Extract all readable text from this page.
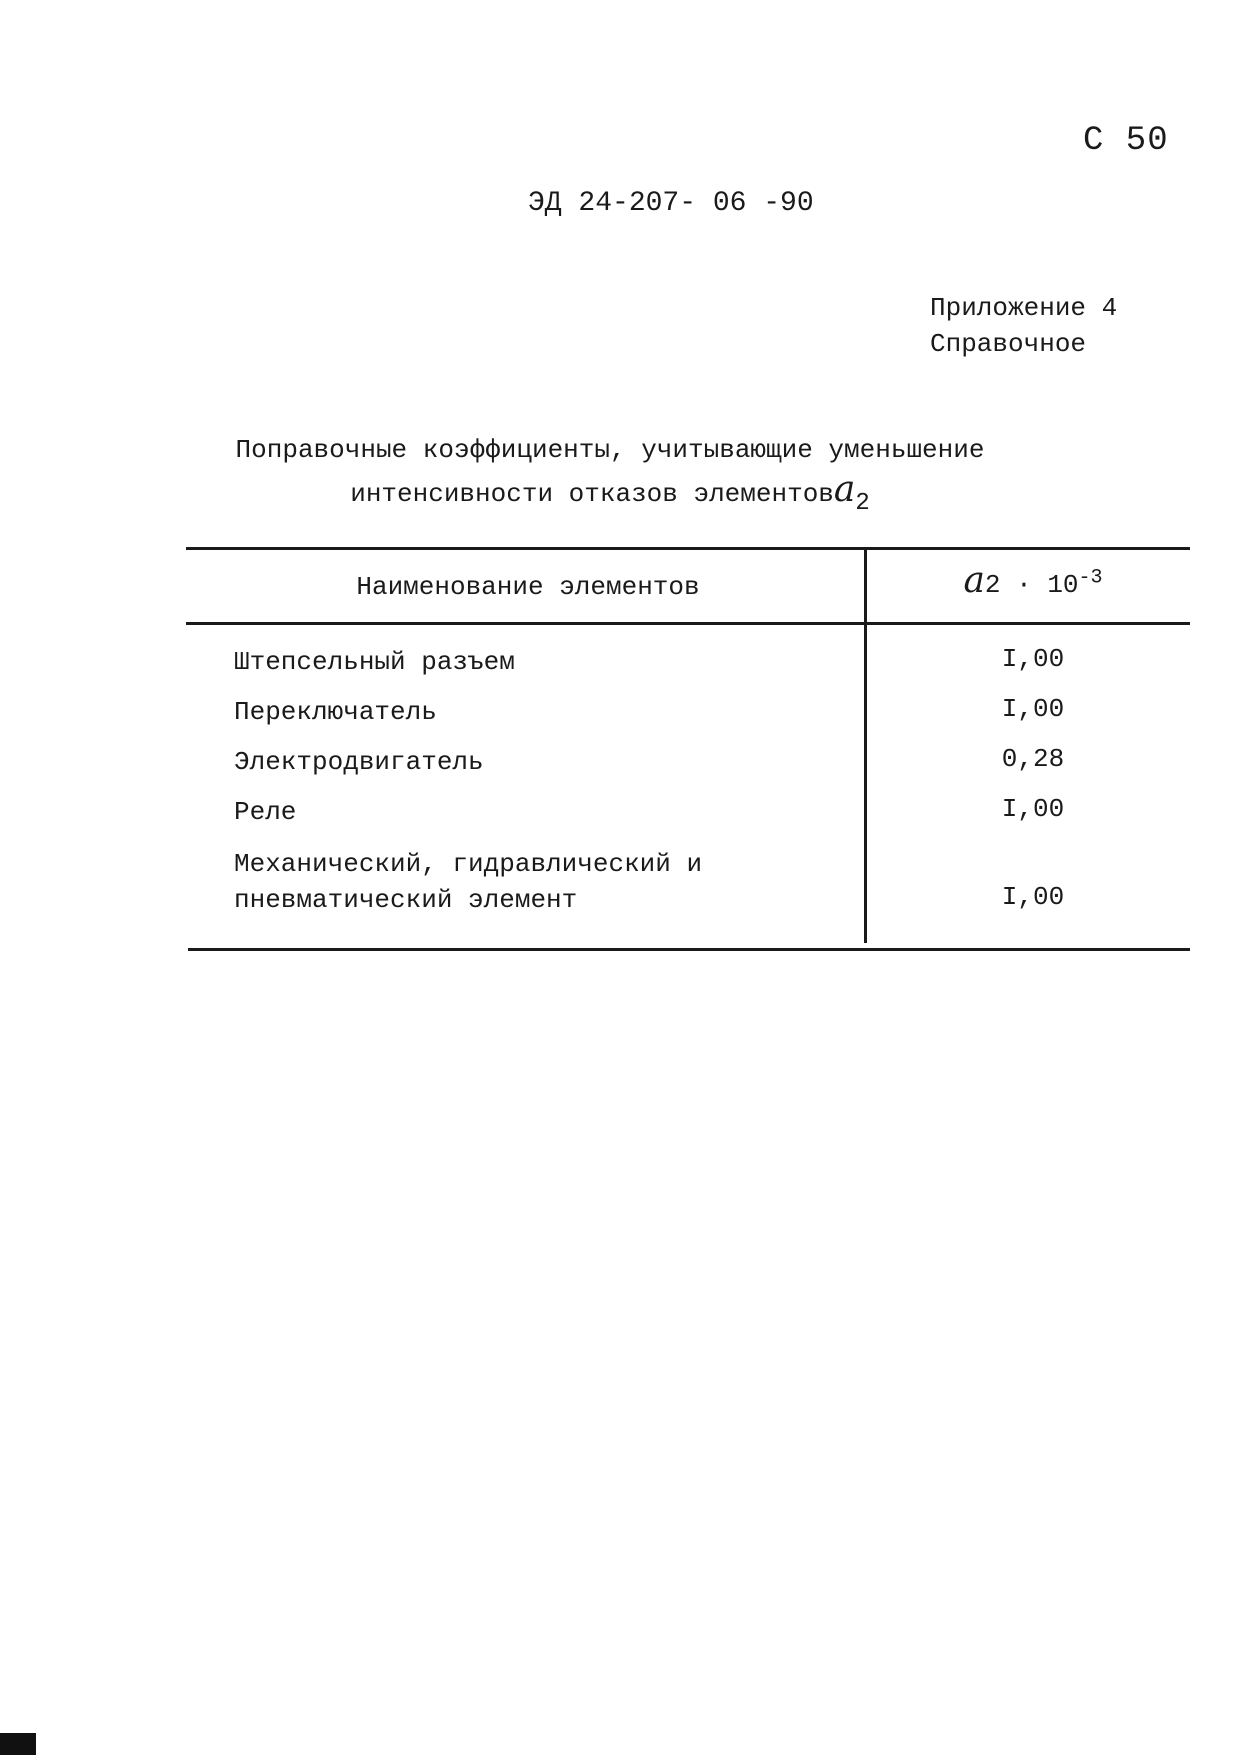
С 50
ЭД 24-207- 06 -90
Приложение 4
Справочное
Поправочные коэффициенты, учитывающие уменьшение
интенсивности отказов элементовa2
Наименование элементов	$a2 \cdot 10^{-3}$
Штепсельный разъем	I,00
Переключатель	I,00
Электродвигатель	0,28
Реле	I,00
Механический, гидравлический и
пневматический элемент	I,00
